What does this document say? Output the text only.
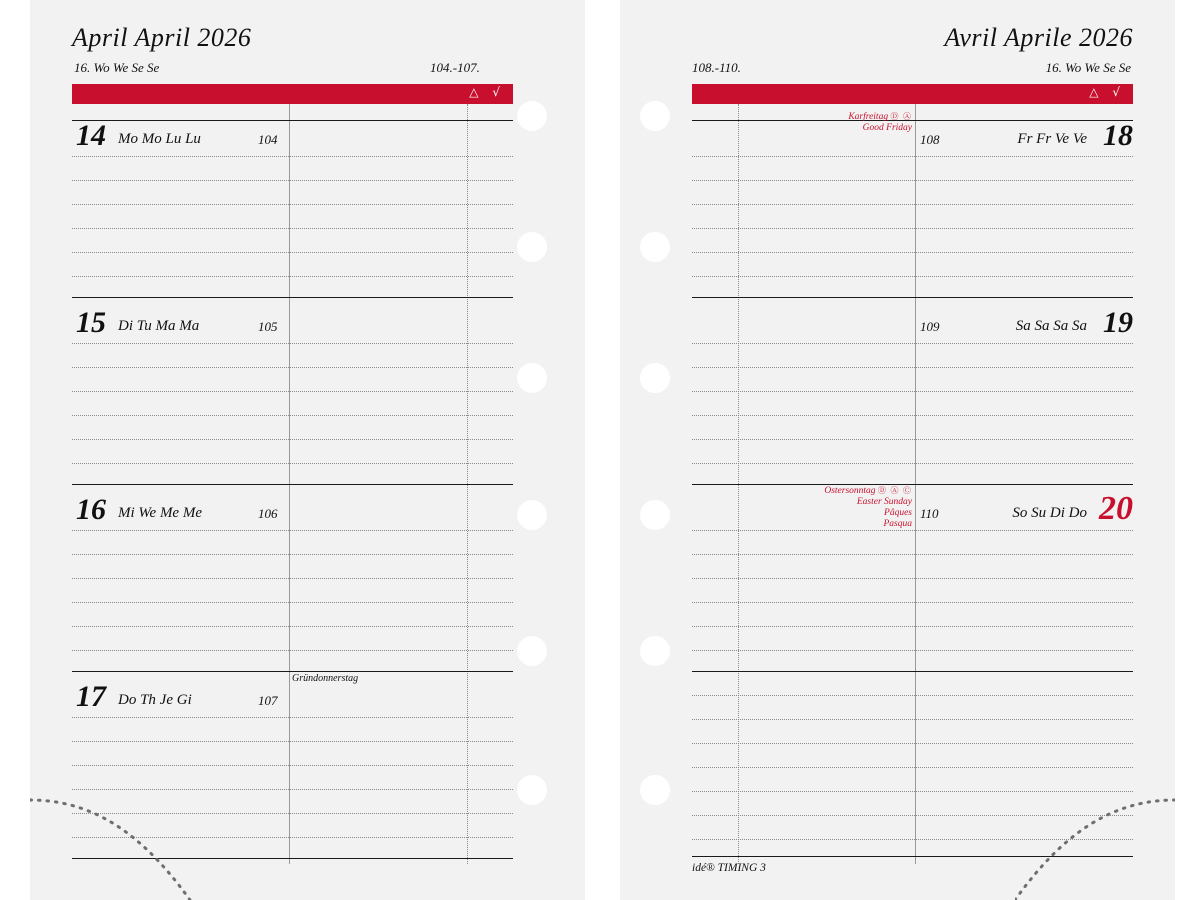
April April 2026
16. Wo We Se Se	104.-107.
△ √
14 Mo Mo Lu Lu	104
15 Di Tu Ma Ma	105
16 Mi We Me Me	106
Gründonnerstag
17 Do Th Je Gi	107
Avril Aprile 2026
108.-110.	16. Wo We Se Se
△ √
Karfreitag Ⓓ Ⓐ
Good Friday
108	Fr Fr Ve Ve 18
109	Sa Sa Sa Sa 19
Ostersonntag Ⓓ Ⓐ Ⓒ
Easter Sunday
Pâques
Pasqua
110	So Su Di Do 20
idé® TIMING 3
